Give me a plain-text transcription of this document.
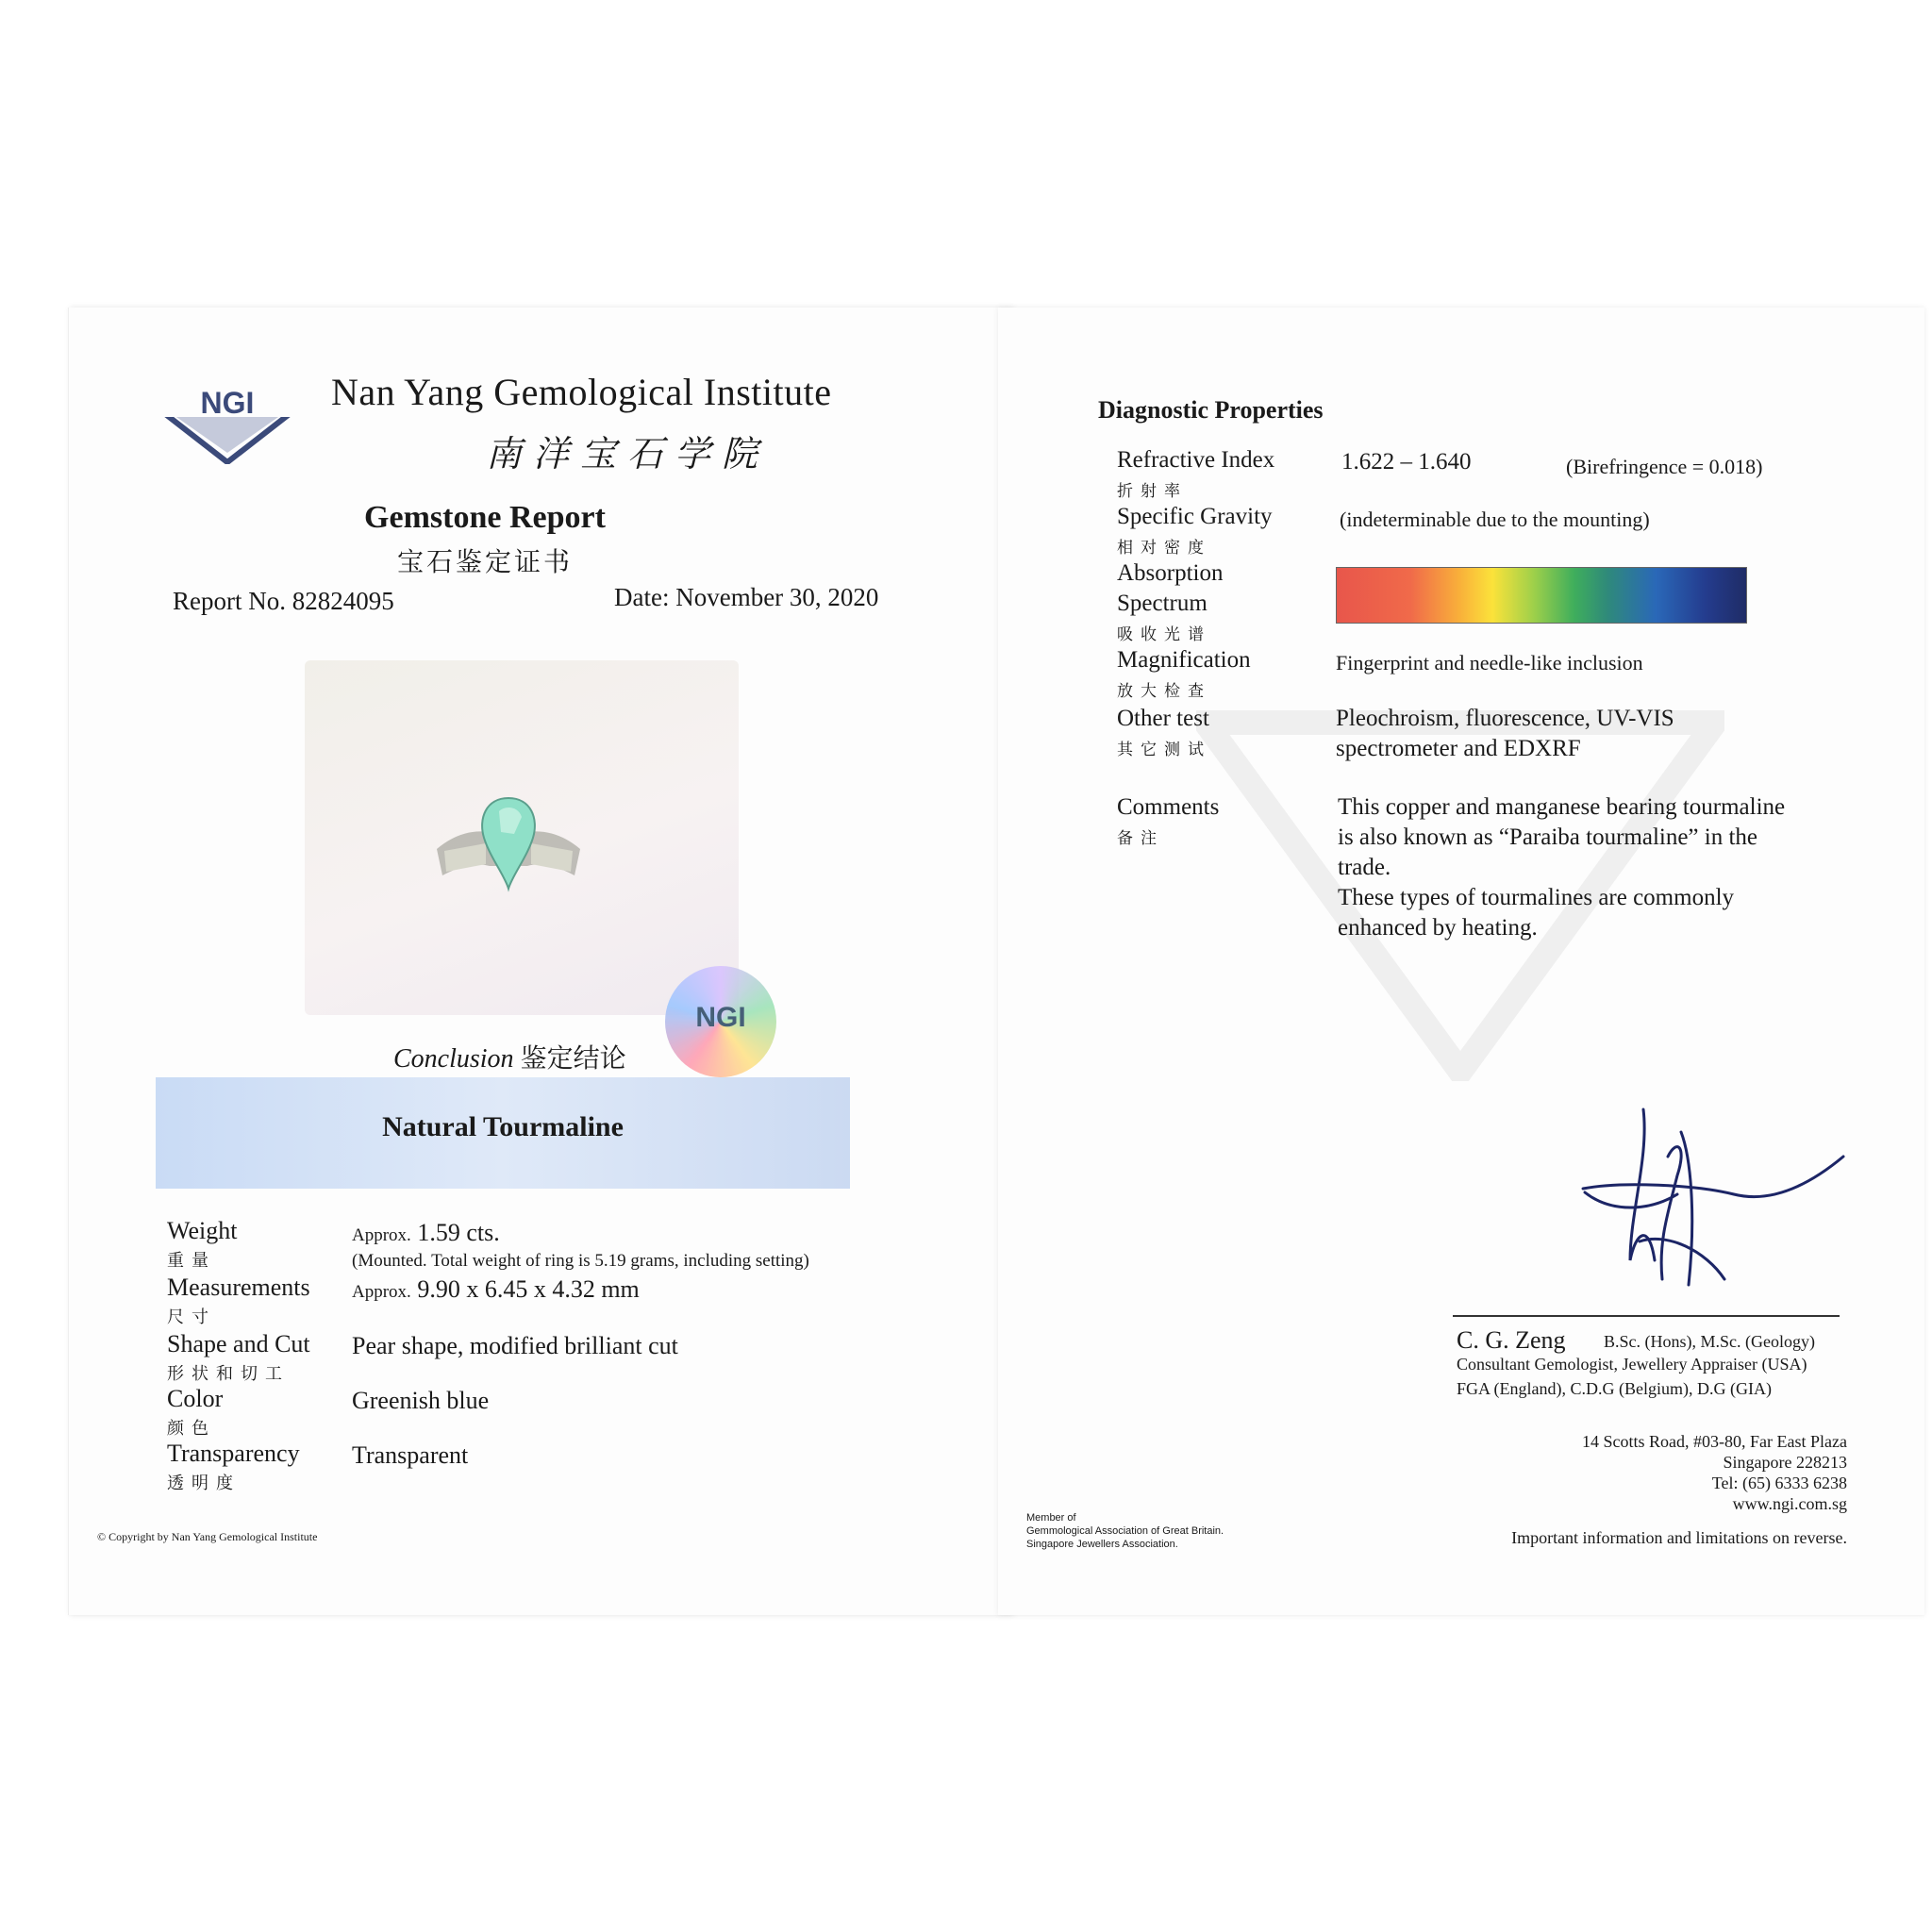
NGI Nan Yang Gemological Institute
南洋宝石学院
Gemstone Report
宝石鉴定证书
Report No. 82824095	Date: November 30, 2020
NGI
Conclusion 鉴定结论
Natural Tourmaline
Weight
重量
Approx. 1.59 cts.
(Mounted. Total weight of ring is 5.19 grams, including setting)
Measurements
尺寸
Approx. 9.90 x 6.45 x 4.32 mm
Shape and Cut
形状和切工
Pear shape, modified brilliant cut
Color
颜色
Greenish blue
Transparency
透明度
Transparent
© Copyright by Nan Yang Gemological Institute
Diagnostic Properties
Refractive Index
折射率
1.622 – 1.640	(Birefringence = 0.018)
Specific Gravity
相对密度
(indeterminable due to the mounting)
Absorption
Spectrum
吸收光谱
Magnification
放大检查
Fingerprint and needle-like inclusion
Other test
其它测试
Pleochroism, fluorescence, UV-VIS
spectrometer and EDXRF
Comments
备注
This copper and manganese bearing tourmaline
is also known as “Paraiba tourmaline” in the
trade.
These types of tourmalines are commonly
enhanced by heating.
C. G. Zeng B.Sc. (Hons), M.Sc. (Geology)
Consultant Gemologist, Jewellery Appraiser (USA)
FGA (England), C.D.G (Belgium), D.G (GIA)
14 Scotts Road, #03-80, Far East Plaza
Singapore 228213
Tel: (65) 6333 6238
www.ngi.com.sg
Important information and limitations on reverse.
Member of
Gemmological Association of Great Britain.
Singapore Jewellers Association.
